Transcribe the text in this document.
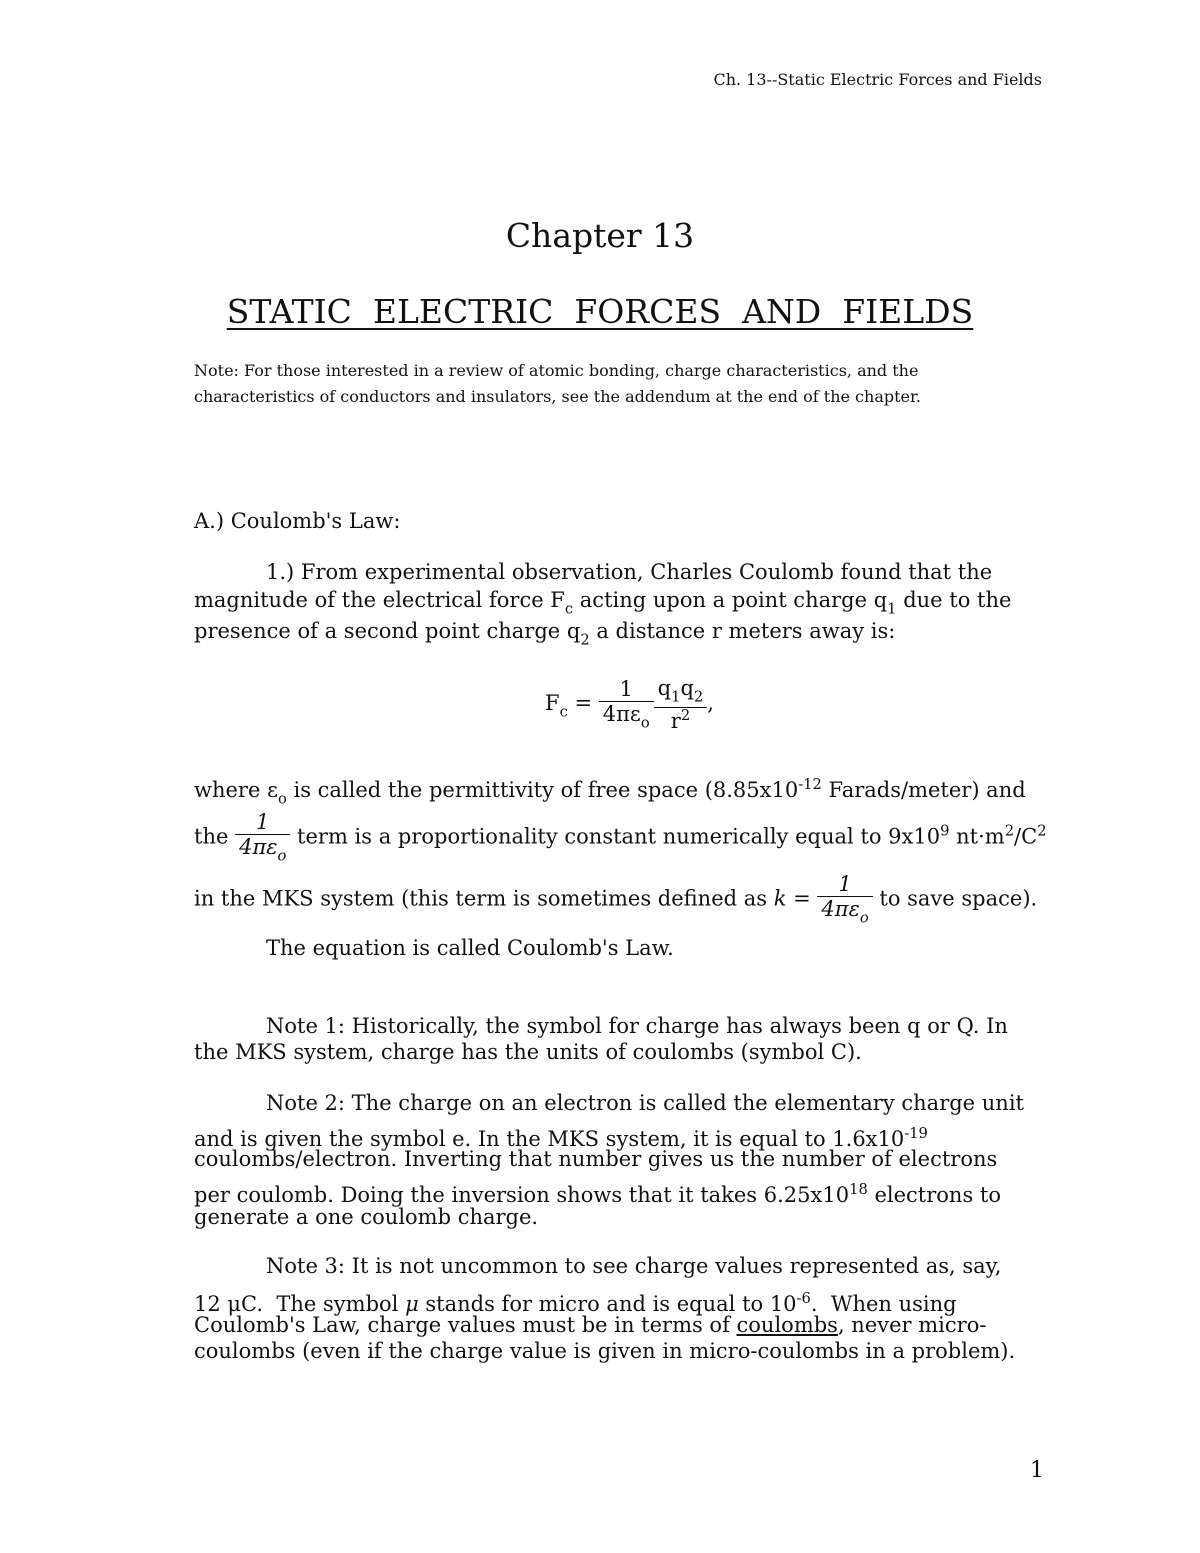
Ch. 13--Static Electric Forces and Fields
Chapter 13
STATIC  ELECTRIC  FORCES  AND  FIELDS
Note: For those interested in a review of atomic bonding, charge characteristics, and the
characteristics of conductors and insulators, see the addendum at the end of the chapter.
A.) Coulomb's Law:
1.) From experimental observation, Charles Coulomb found that the
magnitude of the electrical force $F_c$ acting upon a point charge $q_1$ due to the
presence of a second point charge $q_2$ a distance r meters away is:
$F_c = \frac{1}{4\pi\varepsilon_o} \frac{q_1q_2}{r^2}$ ,
where $\varepsilon_o$ is called the permittivity of free space ($8.85x10^{-12}$ Farads/meter) and
the $\frac{1}{4\pi\varepsilon_o}$ term is a proportionality constant numerically equal to $9x10^9$ $nt\cdot m^2/C^2$
in the MKS system (this term is sometimes defined as $k = \frac{1}{4\pi\varepsilon_o}$ to save space).
The equation is called Coulomb's Law.
Note 1: Historically, the symbol for charge has always been q or Q. In
the MKS system, charge has the units of coulombs (symbol C).
Note 2: The charge on an electron is called the elementary charge unit
and is given the symbol e. In the MKS system, it is equal to $1.6x10^{-19}$
coulombs/electron. Inverting that number gives us the number of electrons
per coulomb. Doing the inversion shows that it takes $6.25x10^{18}$ electrons to
generate a one coulomb charge.
Note 3: It is not uncommon to see charge values represented as, say,
12 μC.  The symbol μ stands for micro and is equal to $10^{-6}$.  When using
Coulomb's Law, charge values must be in terms of coulombs, never micro-
coulombs (even if the charge value is given in micro-coulombs in a problem).
1
